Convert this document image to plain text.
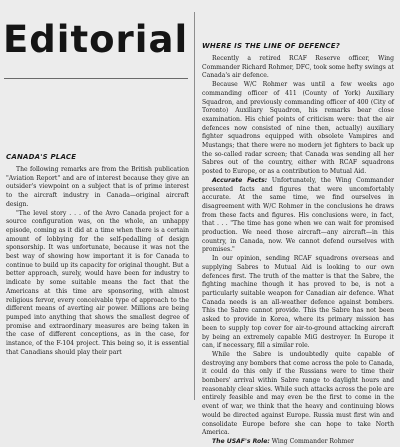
Editorial
CANADA'S PLACE

The following remarks are from the British publication "Aviation Report" and are of interest because they give an outsider's viewpoint on a subject that is of prime interest to the aircraft industry in Canada—original aircraft design.

"The level story . . . of the Avro Canada project for a source configuration was, on the whole, an unhappy episode, coming as it did at a time when there is a certain amount of lobbying for the self-pedalling of design sponsorship. It was unfortunate, because it was not the best way of showing how important it is for Canada to continue to build up its capacity for original thought. But a better approach, surely, would have been for industry to indicate by some suitable means the fact that the Americans at this time are sponsoring, with almost religious fervor, every conceivable type of approach to the different means of averting air power. Millions are being pumped into anything that shows the smallest degree of promise and extraordinary measures are being taken in the case of different conceptions, as in the case, for instance, of the F-104 project. This being so, it is essential that Canadians should play their part

WHERE IS THE LINE OF DEFENCE?

Recently a retired RCAF Reserve officer, Wing Commander Richard Rohmer, DFC, took some hefty swings at Canada's air defence.

Because W/C Rohmer was until a few weeks ago commanding officer of 411 (County of York) Auxiliary Squadron, and previously commanding officer of 400 (City of Toronto) Auxiliary Squadron, his remarks bear close examination. His chief points of criticism were: that the air defences now consisted of nine then, actually) auxiliary fighter squadrons equipped with obsolete Vampires and Mustangs; that there were no modern jet fighters to back up the so-called radar screen; that Canada was sending all her Sabres out of the country, either with RCAF squadrons posted to Europe, or as a contribution to Mutual Aid.

Accurate Facts: Unfortunately, the Wing Commander presented facts and figures that were uncomfortably accurate. At the same time, we find ourselves in disagreement with W/C Rohmer in the conclusions he draws from these facts and figures. His conclusions were, in fact, that . . . "The time has gone when we can wait for promised production. We need those aircraft—any aircraft—in this country, in Canada, now. We cannot defend ourselves with promises."

In our opinion, sending RCAF squadrons overseas and supplying Sabres to Mutual Aid is looking to our own defences first. The truth of the matter is that the Sabre, the fighting machine though it has proved to be, is not a particularly suitable weapon for Canadian air defence. What Canada needs is an all-weather defence against bombers. This the Sabre cannot provide. This the Sabre has not been asked to provide in Korea, where its primary mission has been to supply top cover for air-to-ground attacking aircraft by being an extremely capable MiG destroyer. In Europe it can, if necessary, fill a similar role.

While the Sabre is undoubtedly quite capable of destroying any bombers that come across the pole to Canada, it could do this only if the Russians were to time their bombers' arrival within Sabre range to daylight hours and reasonably clear skies. While such attacks across the pole are entirely feasible and may even be the first to come in the event of war, we think that the heavy and continuing blows would be directed against Europe. Russia must first win and consolidate Europe before she can hope to take North America.

The USAF's Role: Wing Commander Rohmer
